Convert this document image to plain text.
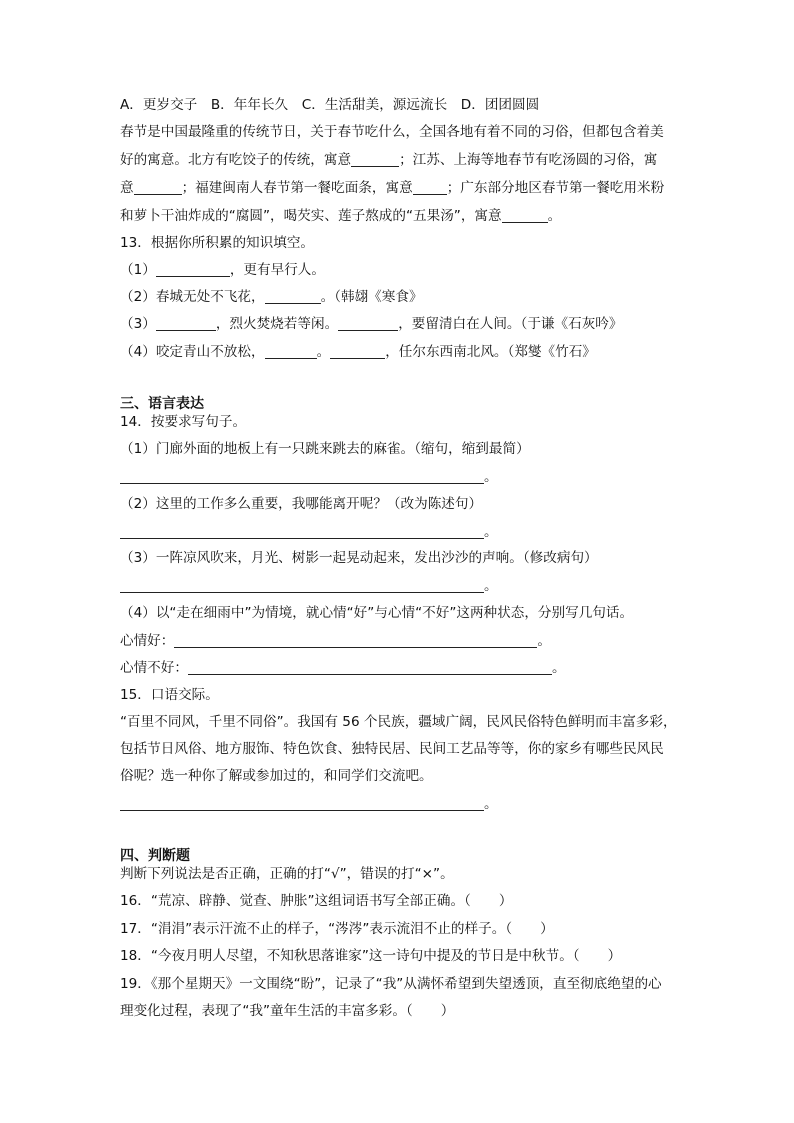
A．更岁交子　B．年年长久　C．生活甜美，源远流长　D．团团圆圆
春节是中国最隆重的传统节日，关于春节吃什么，全国各地有着不同的习俗，但都包含着美
好的寓意。北方有吃饺子的传统，寓意	；江苏、上海等地春节有吃汤圆的习俗，寓
意	；福建闽南人春节第一餐吃面条，寓意	；广东部分地区春节第一餐吃用米粉
和萝卜干油炸成的“腐圆”，喝芡实、莲子熬成的“五果汤”，寓意	。
13．根据你所积累的知识填空。
（1）	，更有早行人。
（2）春城无处不飞花，	。（韩翃《寒食》
（3）	，烈火焚烧若等闲。	，要留清白在人间。（于谦《石灰吟》
（4）咬定青山不放松，	。	，任尔东西南北风。（郑燮《竹石》
三、语言表达
14．按要求写句子。
（1）门廊外面的地板上有一只跳来跳去的麻雀。（缩句，缩到最简）
。
（2）这里的工作多么重要，我哪能离开呢？（改为陈述句）
。
（3）一阵凉风吹来，月光、树影一起晃动起来，发出沙沙的声响。（修改病句）
。
（4）以“走在细雨中”为情境，就心情“好”与心情“不好”这两种状态，分别写几句话。
心情好：	。
心情不好：	。
15．口语交际。
“百里不同风，千里不同俗”。我国有 56 个民族，疆域广阔，民风民俗特色鲜明而丰富多彩，
包括节日风俗、地方服饰、特色饮食、独特民居、民间工艺品等等，你的家乡有哪些民风民
俗呢？选一种你了解或参加过的，和同学们交流吧。
。
四、判断题
判断下列说法是否正确，正确的打“√”，错误的打“×”。
16．“荒凉、辟静、觉查、肿胀”这组词语书写全部正确。（ ）
17．“涓涓”表示汗流不止的样子，“涔涔”表示流泪不止的样子。（ ）
18．“今夜月明人尽望，不知秋思落谁家”这一诗句中提及的节日是中秋节。（ ）
19．《那个星期天》一文围绕“盼”，记录了“我”从满怀希望到失望透顶，直至彻底绝望的心
理变化过程，表现了“我”童年生活的丰富多彩。（ ）
